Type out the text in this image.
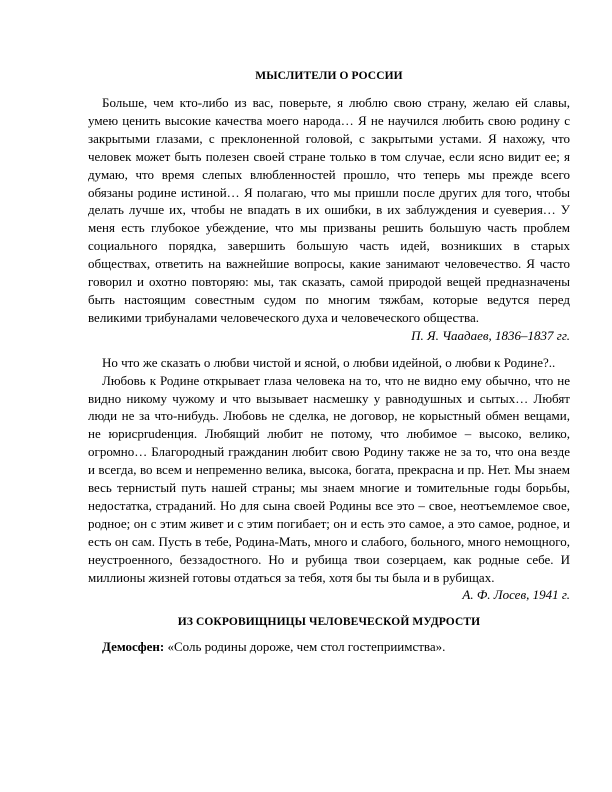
МЫСЛИТЕЛИ О РОССИИ

Больше, чем кто-либо из вас, поверьте, я люблю свою страну, желаю ей славы, умею ценить высокие качества моего народа… Я не научился любить свою родину с закрытыми глазами, с преклоненной головой, с закрытыми устами. Я нахожу, что человек может быть полезен своей стране только в том случае, если ясно видит ее; я думаю, что время слепых влюбленностей прошло, что теперь мы прежде всего обязаны родине истиной… Я полагаю, что мы пришли после других для того, чтобы делать лучше их, чтобы не впадать в их ошибки, в их заблуждения и суеверия… У меня есть глубокое убеждение, что мы призваны решить большую часть проблем социального порядка, завершить большую часть идей, возникших в старых обществах, ответить на важнейшие вопросы, какие занимают человечество. Я часто говорил и охотно повторяю: мы, так сказать, самой природой вещей предназначены быть настоящим совестным судом по многим тяжбам, которые ведутся перед великими трибуналами человеческого духа и человеческого общества.

П. Я. Чаадаев, 1836–1837 гг.

Но что же сказать о любви чистой и ясной, о любви идейной, о любви к Родине?..

Любовь к Родине открывает глаза человека на то, что не видно ему обычно, что не видно никому чужому и что вызывает насмешку у равнодушных и сытых… Любят люди не за что-нибудь. Любовь не сделка, не договор, не корыстный обмен вещами, не юрисprudенция. Любящий любит не потому, что любимое – высоко, велико, огромно… Благородный гражданин любит свою Родину также не за то, что она везде и всегда, во всем и непременно велика, высока, богата, прекрасна и пр. Нет. Мы знаем весь тернистый путь нашей страны; мы знаем многие и томительные годы борьбы, недостатка, страданий. Но для сына своей Родины все это – свое, неотъемлемое свое, родное; он с этим живет и с этим погибает; он и есть это самое, а это самое, родное, и есть он сам. Пусть в тебе, Родина-Мать, много и слабого, больного, много немощного, неустроенного, беззадостного. Но и рубища твои созерцаем, как родные себе. И миллионы жизней готовы отдаться за тебя, хотя бы ты была и в рубищах.

А. Ф. Лосев, 1941 г.

ИЗ СОКРОВИЩНИЦЫ ЧЕЛОВЕЧЕСКОЙ МУДРОСТИ

Демосфен: «Соль родины дороже, чем стол гостеприимства».
